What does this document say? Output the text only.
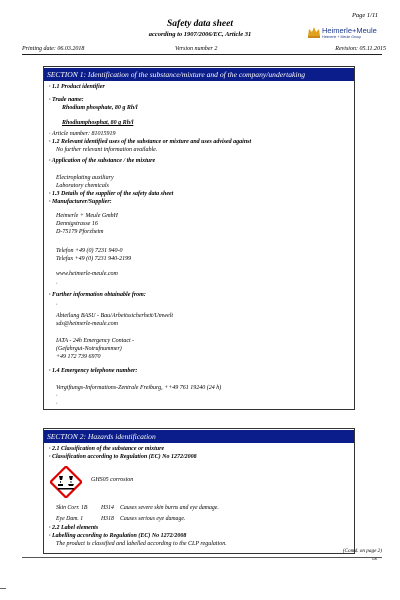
Page 1/11
Safety data sheet
according to 1907/2006/EC, Article 31	Heimerle+Meule
Heimerle + Meule Group
Printing date: 06.03.2018	Version number 2	Revision: 05.11.2015
SECTION 1: Identification of the substance/mixture and of the company/undertaking
· 1.1 Product identifier
· Trade name:
Rhodium phosphate, 80 g Rh/l
Rhodiumphosphat, 80 g Rh/l
· Article number: 81015919
· 1.2 Relevant identified uses of the substance or mixture and uses advised against
No further relevant information available.
· Application of the substance / the mixture
Electroplating auxiliary
Laboratory chemicals
· 1.3 Details of the supplier of the safety data sheet
· Manufacturer/Supplier:
Heimerle + Meule GmbH
Dennigstrasse 16
D-75179 Pforzheim
Telefon +49 (0) 7231 940-0
Telefax +49 (0) 7231 940-2199
www.heimerle-meule.com
·
· Further information obtainable from:
·
Abteilung BASU - Bau/Arbeitssicherheit/Umwelt
sds@heimerle-meule.com
IATA - 24h Emergency Contact -
(Gefahrgut-Notrufnummer)
+49 172 739 6970
· 1.4 Emergency telephone number:
Vergiftungs-Informations-Zentrale Freiburg, ++49 761 19240 (24 h)
·
·
SECTION 2: Hazards identification
· 2.1 Classification of the substance or mixture
· Classification according to Regulation (EC) No 1272/2008
GHS05 corrosion
Skin Corr. 1B H314 Causes severe skin burns and eye damage.
Eye Dam. 1	H318 Causes serious eye damage.
· 2.2 Label elements
· Labelling according to Regulation (EC) No 1272/2008
The product is classified and labelled according to the CLP regulation.
(Contd. on page 2)
GB
